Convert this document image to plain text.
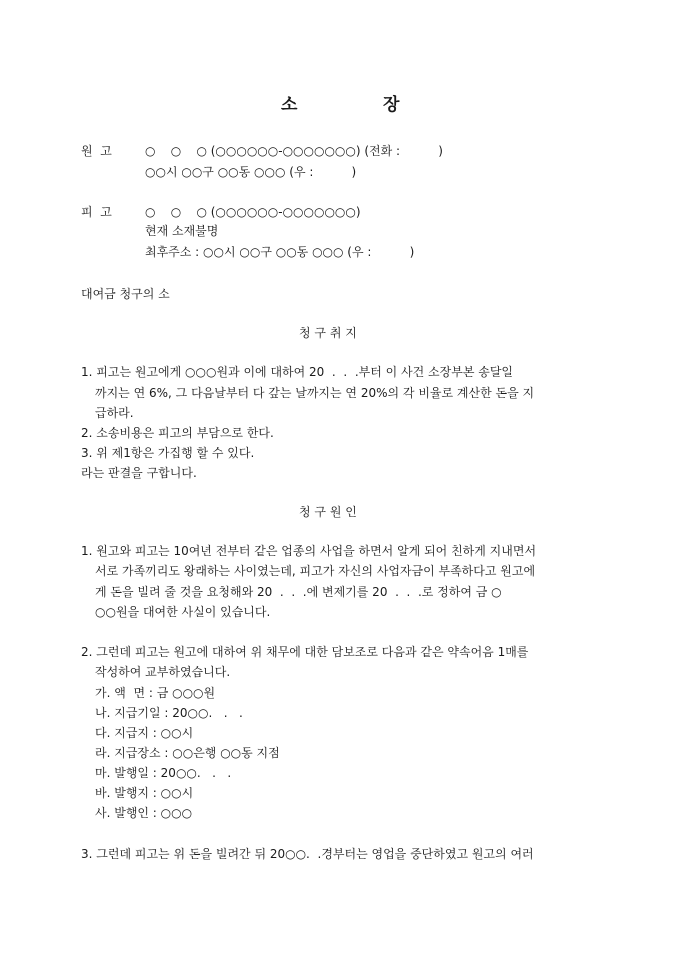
소	장
원  고	○    ○    ○ (○○○○○○-○○○○○○○) (전화 :          )
○○시 ○○구 ○○동 ○○○ (우 :          )
피  고	○    ○    ○ (○○○○○○-○○○○○○○)
현재 소재불명
최후주소 : ○○시 ○○구 ○○동 ○○○ (우 :          )
대여금 청구의 소
청 구 취 지
1. 피고는 원고에게 ○○○원과 이에 대하여 20  .  .  .부터 이 사건 소장부본 송달일
까지는 연 6%, 그 다음날부터 다 갚는 날까지는 연 20%의 각 비율로 계산한 돈을 지
급하라.
2. 소송비용은 피고의 부담으로 한다.
3. 위 제1항은 가집행 할 수 있다.
라는 판결을 구합니다.
청 구 원 인
1. 원고와 피고는 10여년 전부터 같은 업종의 사업을 하면서 알게 되어 친하게 지내면서
서로 가족끼리도 왕래하는 사이였는데, 피고가 자신의 사업자금이 부족하다고 원고에
게 돈을 빌려 줄 것을 요청해와 20  .  .  .에 변제기를 20  .  .  .로 정하여 금 ○
○○원을 대여한 사실이 있습니다.
2. 그런데 피고는 원고에 대하여 위 채무에 대한 담보조로 다음과 같은 약속어음 1매를
작성하여 교부하였습니다.
가. 액  면 : 금 ○○○원
나. 지급기일 : 20○○.   .   .
다. 지급지 : ○○시
라. 지급장소 : ○○은행 ○○동 지점
마. 발행일 : 20○○.   .   .
바. 발행지 : ○○시
사. 발행인 : ○○○
3. 그런데 피고는 위 돈을 빌려간 뒤 20○○.  .경부터는 영업을 중단하였고 원고의 여러
